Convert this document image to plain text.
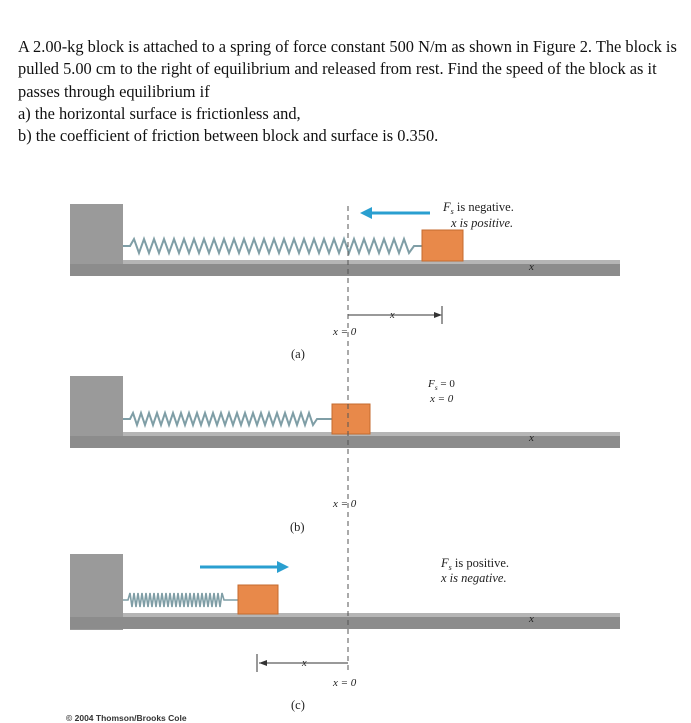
A 2.00-kg block is attached to a spring of force constant 500 N/m as shown in Figure 2. The block is pulled 5.00 cm to the right of equilibrium and released from rest. Find the speed of the block as it passes through equilibrium if

a) the horizontal surface is frictionless and,
b) the coefficient of friction between block and surface is 0.350.
$F_s$ is negative.
x is positive.
x
x
x = 0
(a)
$F_s = 0$
x = 0
x
x = 0
(b)
$F_s$ is positive.
x is negative.
x
x
x = 0
(c)
© 2004 Thomson/Brooks Cole
